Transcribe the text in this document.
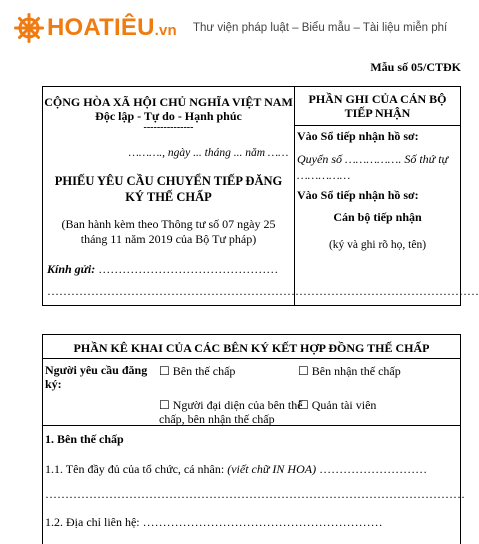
HOATIÊU.vn Thư viện pháp luật – Biểu mẫu – Tài liệu miễn phí
Mẫu số 05/CTĐK
CỘNG HÒA XÃ HỘI CHỦ NGHĨA VIỆT NAM
Độc lập - Tự do - Hạnh phúc
---------------
………., ngày ... tháng ... năm ……
PHIẾU YÊU CẦU CHUYỂN TIẾP ĐĂNG KÝ THẾ CHẤP
(Ban hành kèm theo Thông tư số 07 ngày 25 tháng 11 năm 2019 của Bộ Tư pháp)
Kính gửi: ………………………………………
………………………………………………………………………………………………
PHẦN GHI CỦA CÁN BỘ TIẾP NHẬN
Vào Sổ tiếp nhận hồ sơ:
Quyển số ……………. Số thứ tự ……………
Vào Sổ tiếp nhận hồ sơ:
Cán bộ tiếp nhận
(ký và ghi rõ họ, tên)
PHẦN KÊ KHAI CỦA CÁC BÊN KÝ KẾT HỢP ĐỒNG THẾ CHẤP
Người yêu cầu đăng ký:
☐ Bên thế chấp	☐ Bên nhận thế chấp
☐ Người đại diện của bên thế chấp, bên nhận thế chấp
☐ Quản tài viên
1. Bên thế chấp
1.1. Tên đầy đủ của tổ chức, cá nhân: (viết chữ IN HOA) ………………………
……………………………………………………………………………………………
1.2. Địa chỉ liên hệ: ……………………………………………………
